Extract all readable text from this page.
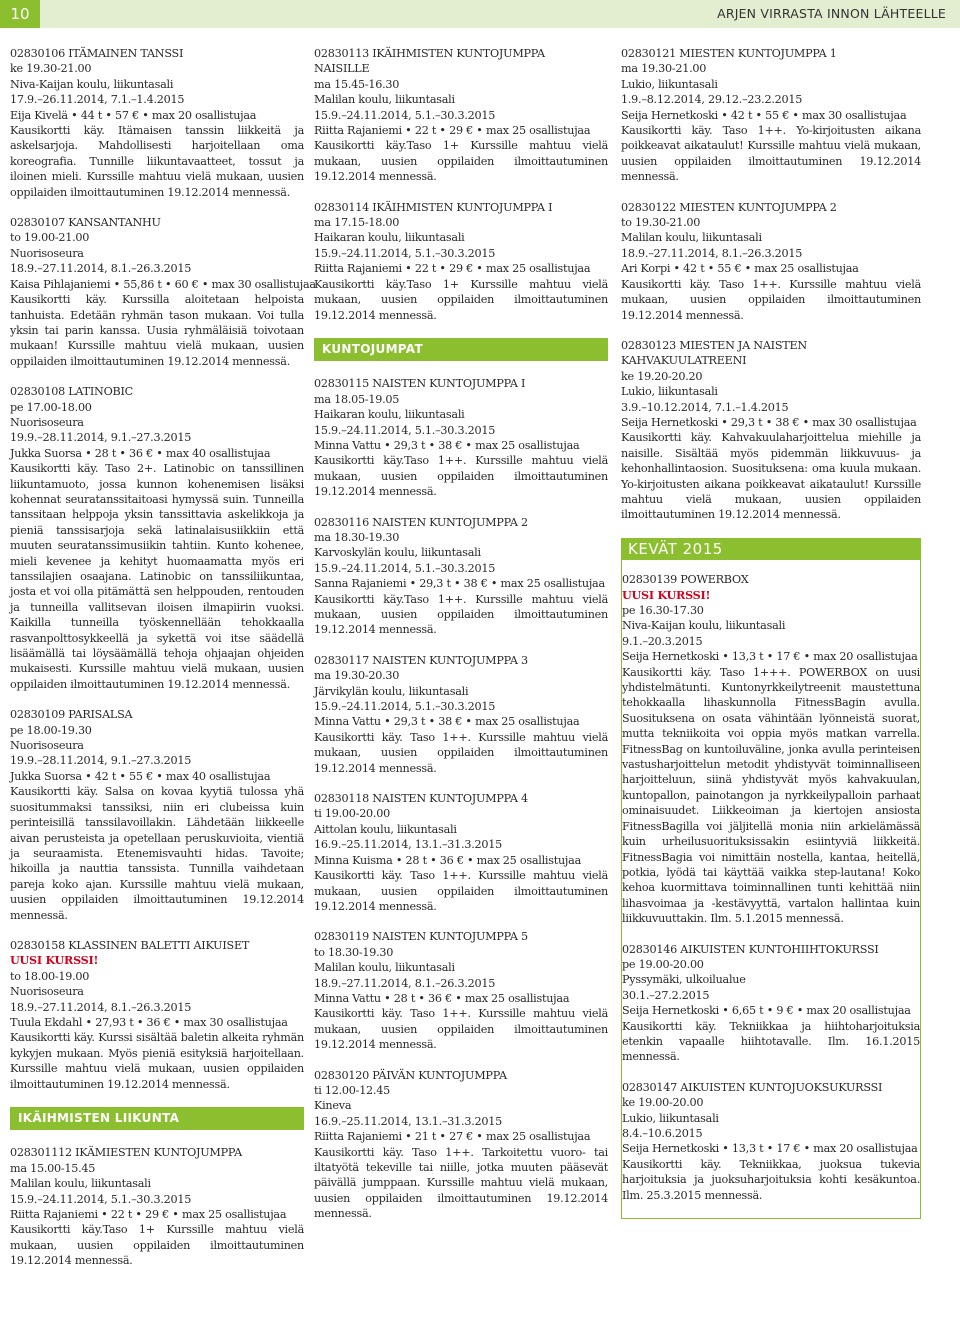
10	ARJEN VIRRASTA INNON LÄHTEELLE
02830106 ITÄMAINEN TANSSI
ke 19.30-21.00
Niva-Kaijan koulu, liikuntasali
17.9.–26.11.2014, 7.1.–1.4.2015
Eija Kivelä • 44 t • 57 € • max 20 osallistujaa
Kausikortti käy. Itämaisen tanssin liikkeitä ja askelsarjoja. Mahdollisesti harjoitellaan oma koreografia. Tunnille liikuntavaatteet, tossut ja iloinen mieli. Kurssille mahtuu vielä mukaan, uusien oppilaiden ilmoittautuminen 19.12.2014 mennessä.
02830107 KANSANTANHU
to 19.00-21.00
Nuorisoseura
18.9.–27.11.2014, 8.1.–26.3.2015
Kaisa Pihlajaniemi • 55,86 t • 60 € • max 30 osallistujaa
Kausikortti käy. Kurssilla aloitetaan helpoista tanhuista. Edetään ryhmän tason mukaan. Voi tulla yksin tai parin kanssa. Uusia ryhmäläisiä toivotaan mukaan! Kurssille mahtuu vielä mukaan, uusien oppilaiden ilmoittautuminen 19.12.2014 mennessä.
02830108 LATINOBIC
pe 17.00-18.00
Nuorisoseura
19.9.–28.11.2014, 9.1.–27.3.2015
Jukka Suorsa • 28 t • 36 € • max 40 osallistujaa
Kausikortti käy. Taso 2+. Latinobic on tanssillinen liikuntamuoto, jossa kunnon kohenemisen lisäksi kohennat seuratanssitaitoasi hymyssä suin. Tunneilla tanssitaan helppoja yksin tanssittavia askelikkoja ja pieniä tanssisarjoja sekä latinalaisusiikkiin että muuten seuratanssimusiikin tahtiin. Kunto kohenee, mieli kevenee ja kehityt huomaamatta myös eri tanssilajien osaajana. Latinobic on tanssiliikuntaa, josta et voi olla pitämättä sen helppouden, rentouden ja tunneilla vallitsevan iloisen ilmapiirin vuoksi. Kaikilla tunneilla työskennellään tehokkaalla rasvanpolttosykkeellä ja sykettä voi itse säädellä lisäämällä tai löysäämällä tehoja ohjaajan ohjeiden mukaisesti. Kurssille mahtuu vielä mukaan, uusien oppilaiden ilmoittautuminen 19.12.2014 mennessä.
02830109 PARISALSA
pe 18.00-19.30
Nuorisoseura
19.9.–28.11.2014, 9.1.–27.3.2015
Jukka Suorsa • 42 t • 55 € • max 40 osallistujaa
Kausikortti käy. Salsa on kovaa kyytiä tulossa yhä suositummaksi tanssiksi, niin eri clubeissa kuin perinteisillä tanssilavoillakin. Lähdetään liikkeelle aivan perusteista ja opetellaan peruskuvioita, vientiä ja seuraamista. Etenemisvauhti hidas. Tavoite; hikoilla ja nauttia tanssista. Tunnilla vaihdetaan pareja koko ajan. Kurssille mahtuu vielä mukaan, uusien oppilaiden ilmoittautuminen 19.12.2014 mennessä.
02830158 KLASSINEN BALETTI AIKUISET
UUSI KURSSI!
to 18.00-19.00
Nuorisoseura
18.9.–27.11.2014, 8.1.–26.3.2015
Tuula Ekdahl • 27,93 t • 36 € • max 30 osallistujaa
Kausikortti käy. Kurssi sisältää baletin alkeita ryhmän kykyjen mukaan. Myös pieniä esityksiä harjoitellaan. Kurssille mahtuu vielä mukaan, uusien oppilaiden ilmoittautuminen 19.12.2014 mennessä.
IKÄIHMISTEN LIIKUNTA
028301112 IKÄMIESTEN KUNTOJUMPPA
ma 15.00-15.45
Malilan koulu, liikuntasali
15.9.–24.11.2014, 5.1.–30.3.2015
Riitta Rajaniemi • 22 t • 29 € • max 25 osallistujaa
Kausikortti käy.Taso 1+ Kurssille mahtuu vielä mukaan, uusien oppilaiden ilmoittautuminen 19.12.2014 mennessä.
02830113 IKÄIHMISTEN KUNTOJUMPPA
NAISILLE
ma 15.45-16.30
Malilan koulu, liikuntasali
15.9.–24.11.2014, 5.1.–30.3.2015
Riitta Rajaniemi • 22 t • 29 € • max 25 osallistujaa
Kausikortti käy.Taso 1+ Kurssille mahtuu vielä mukaan, uusien oppilaiden ilmoittautuminen 19.12.2014 mennessä.
02830114 IKÄIHMISTEN KUNTOJUMPPA I
ma 17.15-18.00
Haikaran koulu, liikuntasali
15.9.–24.11.2014, 5.1.–30.3.2015
Riitta Rajaniemi • 22 t • 29 € • max 25 osallistujaa
Kausikortti käy.Taso 1+ Kurssille mahtuu vielä mukaan, uusien oppilaiden ilmoittautuminen 19.12.2014 mennessä.
KUNTOJUMPAT
02830115 NAISTEN KUNTOJUMPPA I
ma 18.05-19.05
Haikaran koulu, liikuntasali
15.9.–24.11.2014, 5.1.–30.3.2015
Minna Vattu • 29,3 t • 38 € • max 25 osallistujaa
Kausikortti käy.Taso 1++. Kurssille mahtuu vielä mukaan, uusien oppilaiden ilmoittautuminen 19.12.2014 mennessä.
02830116 NAISTEN KUNTOJUMPPA 2
ma 18.30-19.30
Karvoskylän koulu, liikuntasali
15.9.–24.11.2014, 5.1.–30.3.2015
Sanna Rajaniemi • 29,3 t • 38 € • max 25 osallistujaa
Kausikortti käy.Taso 1++. Kurssille mahtuu vielä mukaan, uusien oppilaiden ilmoittautuminen 19.12.2014 mennessä.
02830117 NAISTEN KUNTOJUMPPA 3
ma 19.30-20.30
Järvikylän koulu, liikuntasali
15.9.–24.11.2014, 5.1.–30.3.2015
Minna Vattu • 29,3 t • 38 € • max 25 osallistujaa
Kausikortti käy. Taso 1++. Kurssille mahtuu vielä mukaan, uusien oppilaiden ilmoittautuminen 19.12.2014 mennessä.
02830118 NAISTEN KUNTOJUMPPA 4
ti 19.00-20.00
Aittolan koulu, liikuntasali
16.9.–25.11.2014, 13.1.–31.3.2015
Minna Kuisma • 28 t • 36 € • max 25 osallistujaa
Kausikortti käy. Taso 1++. Kurssille mahtuu vielä mukaan, uusien oppilaiden ilmoittautuminen 19.12.2014 mennessä.
02830119 NAISTEN KUNTOJUMPPA 5
to 18.30-19.30
Malilan koulu, liikuntasali
18.9.–27.11.2014, 8.1.–26.3.2015
Minna Vattu • 28 t • 36 € • max 25 osallistujaa
Kausikortti käy. Taso 1++. Kurssille mahtuu vielä mukaan, uusien oppilaiden ilmoittautuminen 19.12.2014 mennessä.
02830120 PÄIVÄN KUNTOJUMPPA
ti 12.00-12.45
Kineva
16.9.–25.11.2014, 13.1.–31.3.2015
Riitta Rajaniemi • 21 t • 27 € • max 25 osallistujaa
Kausikortti käy. Taso 1++. Tarkoitettu vuoro- tai iltatyötä tekeville tai niille, jotka muuten pääsevät päivällä jumppaan. Kurssille mahtuu vielä mukaan, uusien oppilaiden ilmoittautuminen 19.12.2014 mennessä.
02830121 MIESTEN KUNTOJUMPPA 1
ma 19.30-21.00
Lukio, liikuntasali
1.9.–8.12.2014, 29.12.–23.2.2015
Seija Hernetkoski • 42 t • 55 € • max 30 osallistujaa
Kausikortti käy. Taso 1++. Yo-kirjoitusten aikana poikkeavat aikataulut! Kurssille mahtuu vielä mukaan, uusien oppilaiden ilmoittautuminen 19.12.2014 mennessä.
02830122 MIESTEN KUNTOJUMPPA 2
to 19.30-21.00
Malilan koulu, liikuntasali
18.9.–27.11.2014, 8.1.–26.3.2015
Ari Korpi • 42 t • 55 € • max 25 osallistujaa
Kausikortti käy. Taso 1++. Kurssille mahtuu vielä mukaan, uusien oppilaiden ilmoittautuminen 19.12.2014 mennessä.
02830123 MIESTEN JA NAISTEN
KAHVAKUULATREENI
ke 19.20-20.20
Lukio, liikuntasali
3.9.–10.12.2014, 7.1.–1.4.2015
Seija Hernetkoski • 29,3 t • 38 € • max 30 osallistujaa
Kausikortti käy. Kahvakuulaharjoittelua miehille ja naisille. Sisältää myös pidemmän liikkuvuus- ja kehonhallintaosion. Suosituksena: oma kuula mukaan. Yo-kirjoitusten aikana poikkeavat aikataulut! Kurssille mahtuu vielä mukaan, uusien oppilaiden ilmoittautuminen 19.12.2014 mennessä.
KEVÄT 2015
02830139 POWERBOX
UUSI KURSSI!
pe 16.30-17.30
Niva-Kaijan koulu, liikuntasali
9.1.–20.3.2015
Seija Hernetkoski • 13,3 t • 17 € • max 20 osallistujaa
Kausikortti käy. Taso 1+++. POWERBOX on uusi yhdistelmätunti. Kuntonyrkkeilytreenit maustettuna tehokkaalla lihaskunnolla FitnessBagin avulla. Suosituksena on osata vähintään lyönneistä suorat, mutta tekniikoita voi oppia myös matkan varrella. FitnessBag on kuntoiluväline, jonka avulla perinteisen vastusharjoittelun metodit yhdistyvät toiminnalliseen harjoitteluun, siinä yhdistyvät myös kahvakuulan, kuntopallon, painotangon ja nyrkkeilypalloin parhaat ominaisuudet. Liikkeoiman ja kiertojen ansiosta FitnessBagilla voi jäljitellä monia niin arkielämässä kuin urheilusuorituksissakin esiintyviä liikkeitä. FitnessBagia voi nimittäin nostella, kantaa, heitellä, potkia, lyödä tai käyttää vaikka step-lautana! Koko kehoa kuormittava toiminnallinen tunti kehittää niin lihasvoimaa ja -kestävyyttä, vartalon hallintaa kuin liikkuvuuttakin. Ilm. 5.1.2015 mennessä.
02830146 AIKUISTEN KUNTOHIIHTOKURSSI
pe 19.00-20.00
Pyssymäki, ulkoilualue
30.1.–27.2.2015
Seija Hernetkoski • 6,65 t • 9 € • max 20 osallistujaa
Kausikortti käy. Tekniikkaa ja hiihtoharjoituksia etenkin vapaalle hiihtotavalle. Ilm. 16.1.2015 mennessä.
02830147 AIKUISTEN KUNTOJUOKSUKURSSI
ke 19.00-20.00
Lukio, liikuntasali
8.4.–10.6.2015
Seija Hernetkoski • 13,3 t • 17 € • max 20 osallistujaa
Kausikortti käy. Tekniikkaa, juoksua tukevia harjoituksia ja juoksuharjoituksia kohti kesäkuntoa. Ilm. 25.3.2015 mennessä.
